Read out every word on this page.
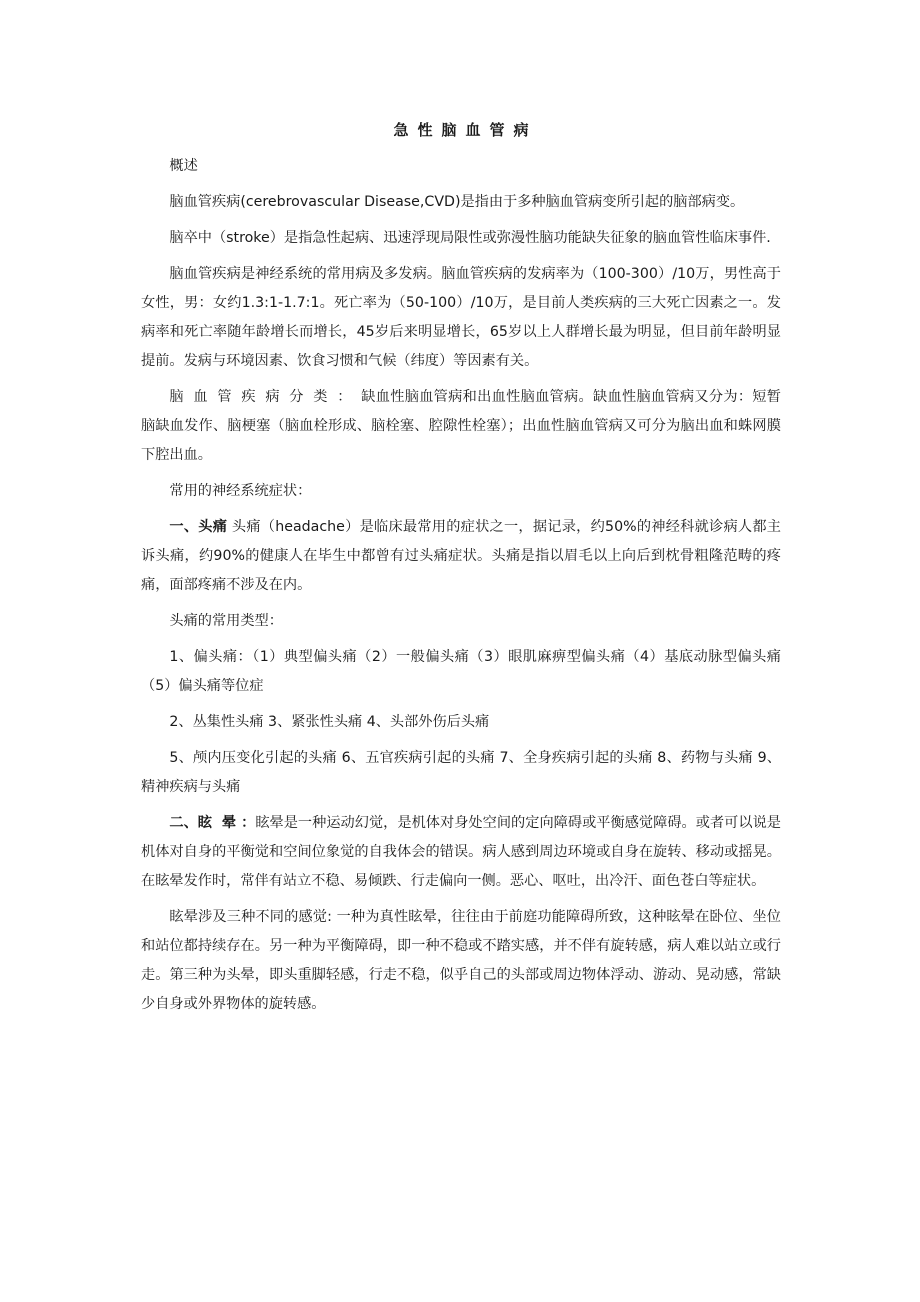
急性脑血管病

概述

脑血管疾病(cerebrovascular Disease,CVD)是指由于多种脑血管病变所引起的脑部病变。

脑卒中（stroke）是指急性起病、迅速浮现局限性或弥漫性脑功能缺失征象的脑血管性临床事件.

脑血管疾病是神经系统的常用病及多发病。脑血管疾病的发病率为（100-300）/10万，男性高于女性，男：女约1.3:1-1.7:1。死亡率为（50-100）/10万，是目前人类疾病的三大死亡因素之一。发病率和死亡率随年龄增长而增长，45岁后来明显增长，65岁以上人群增长最为明显，但目前年龄明显提前。发病与环境因素、饮食习惯和气候（纬度）等因素有关。

脑血管疾病分类：缺血性脑血管病和出血性脑血管病。缺血性脑血管病又分为：短暂脑缺血发作、脑梗塞（脑血栓形成、脑栓塞、腔隙性栓塞）；出血性脑血管病又可分为脑出血和蛛网膜下腔出血。

常用的神经系统症状：

一、头痛 头痛（headache）是临床最常用的症状之一，据记录，约50%的神经科就诊病人都主诉头痛，约90%的健康人在毕生中都曾有过头痛症状。头痛是指以眉毛以上向后到枕骨粗隆范畴的疼痛，面部疼痛不涉及在内。

头痛的常用类型：

1、偏头痛：（1）典型偏头痛（2）一般偏头痛（3）眼肌麻痹型偏头痛（4）基底动脉型偏头痛（5）偏头痛等位症

2、丛集性头痛 3、紧张性头痛 4、头部外伤后头痛

5、颅内压变化引起的头痛 6、五官疾病引起的头痛 7、全身疾病引起的头痛 8、药物与头痛 9、精神疾病与头痛

二、眩  晕 ：眩晕是一种运动幻觉，是机体对身处空间的定向障碍或平衡感觉障碍。或者可以说是机体对自身的平衡觉和空间位象觉的自我体会的错误。病人感到周边环境或自身在旋转、移动或摇晃。在眩晕发作时，常伴有站立不稳、易倾跌、行走偏向一侧。恶心、呕吐，出冷汗、面色苍白等症状。

眩晕涉及三种不同的感觉: 一种为真性眩晕，往往由于前庭功能障碍所致，这种眩晕在卧位、坐位和站位都持续存在。另一种为平衡障碍，即一种不稳或不踏实感，并不伴有旋转感，病人难以站立或行走。第三种为头晕，即头重脚轻感，行走不稳，似乎自己的头部或周边物体浮动、游动、晃动感，常缺少自身或外界物体的旋转感。
